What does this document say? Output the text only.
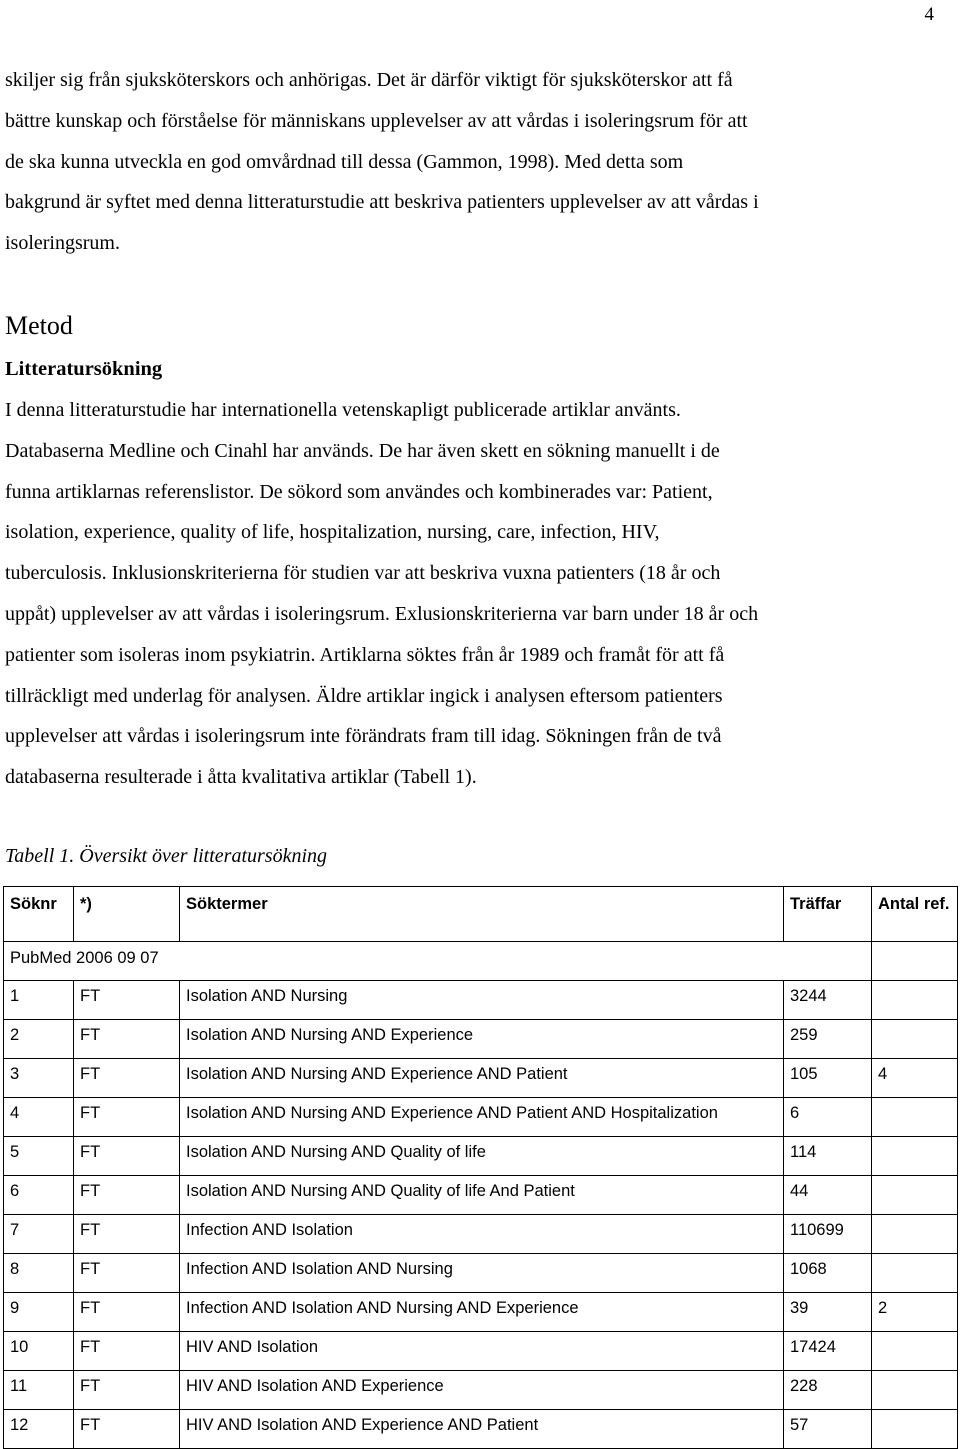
4

skiljer sig från sjuksköterskors och anhörigas. Det är därför viktigt för sjuksköterskor att få
bättre kunskap och förståelse för människans upplevelser av att vårdas i isoleringsrum för att
de ska kunna utveckla en god omvårdnad till dessa (Gammon, 1998). Med detta som
bakgrund är syftet med denna litteraturstudie att beskriva patienters upplevelser av att vårdas i
isoleringsrum.

Metod
Litteratursökning

I denna litteraturstudie har internationella vetenskapligt publicerade artiklar använts.
Databaserna Medline och Cinahl har används. De har även skett en sökning manuellt i de
funna artiklarnas referenslistor. De sökord som användes och kombinerades var: Patient,
isolation, experience, quality of life, hospitalization, nursing, care, infection, HIV,
tuberculosis. Inklusionskriterierna för studien var att beskriva vuxna patienters (18 år och
uppåt) upplevelser av att vårdas i isoleringsrum. Exlusionskriterierna var barn under 18 år och
patienter som isoleras inom psykiatrin. Artiklarna söktes från år 1989 och framåt för att få
tillräckligt med underlag för analysen. Äldre artiklar ingick i analysen eftersom patienters
upplevelser att vårdas i isoleringsrum inte förändrats fram till idag. Sökningen från de två
databaserna resulterade i åtta kvalitativa artiklar (Tabell 1).

Tabell 1. Översikt över litteratursökning

Söknr	*)	Söktermer	Träffar	Antal ref.
PubMed 2006 09 07				
1	FT	Isolation AND Nursing	3244	
2	FT	Isolation AND Nursing AND Experience	259	
3	FT	Isolation AND Nursing AND Experience AND Patient	105	4
4	FT	Isolation AND Nursing AND Experience AND Patient AND Hospitalization	6	
5	FT	Isolation AND Nursing AND Quality of life	114	
6	FT	Isolation AND Nursing AND Quality of life And Patient	44	
7	FT	Infection AND Isolation	110699	
8	FT	Infection AND Isolation AND Nursing	1068	
9	FT	Infection AND Isolation AND Nursing AND Experience	39	2
10	FT	HIV AND Isolation	17424	
11	FT	HIV AND Isolation AND Experience	228	
12	FT	HIV AND Isolation AND Experience AND Patient	57	
